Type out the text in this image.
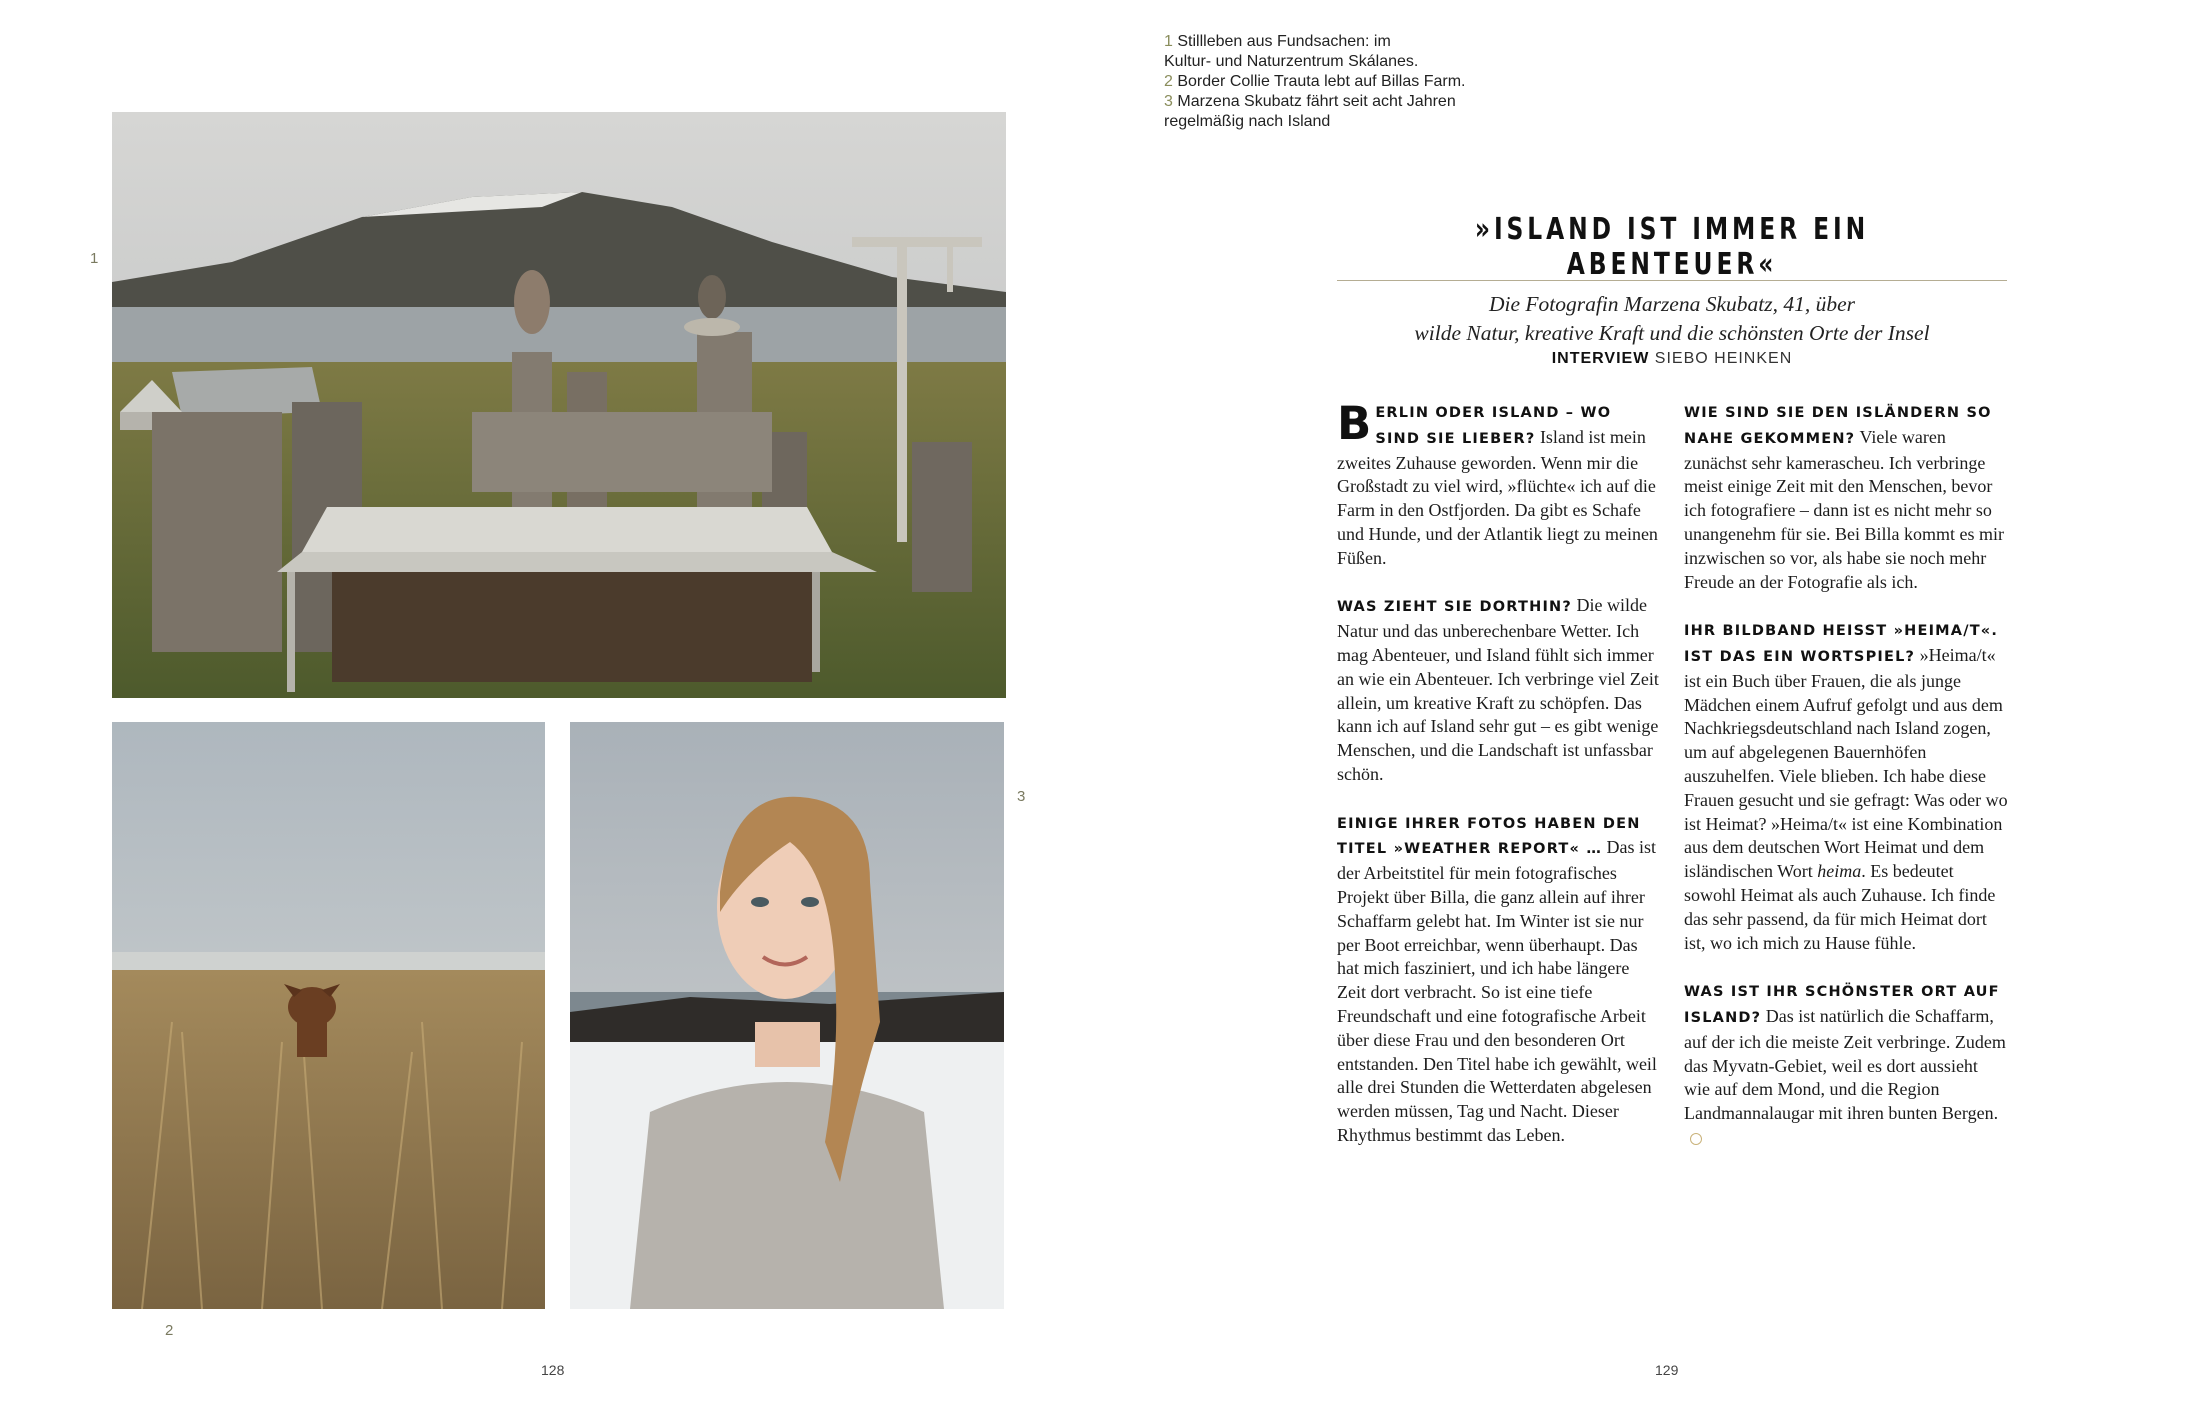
1
2
3
128
1 Stillleben aus Fundsachen: im
Kultur- und Naturzentrum Skálanes.
2 Border Collie Trauta lebt auf Billas Farm.
3 Marzena Skubatz fährt seit acht Jahren
regelmäßig nach Island
»ISLAND IST IMMER EIN ABENTEUER«
Die Fotografin Marzena Skubatz, 41, über
wilde Natur, kreative Kraft und die schönsten Orte der Insel
INTERVIEW SIEBO HEINKEN

BERLIN ODER ISLAND – WO SIND SIE LIEBER? Island ist mein zweites Zuhause geworden. Wenn mir die Großstadt zu viel wird, »flüchte« ich auf die Farm in den Ostfjorden. Da gibt es Schafe und Hunde, und der Atlantik liegt zu meinen Füßen.

WAS ZIEHT SIE DORTHIN? Die wilde Natur und das unberechenbare Wetter. Ich mag Abenteuer, und Island fühlt sich immer an wie ein Abenteuer. Ich verbringe viel Zeit allein, um kreative Kraft zu schöpfen. Das kann ich auf Island sehr gut – es gibt wenige Menschen, und die Landschaft ist unfassbar schön.

EINIGE IHRER FOTOS HABEN DEN TITEL »WEATHER REPORT« … Das ist der Arbeitstitel für mein fotografisches Projekt über Billa, die ganz allein auf ihrer Schaffarm gelebt hat. Im Winter ist sie nur per Boot erreichbar, wenn überhaupt. Das hat mich fasziniert, und ich habe längere Zeit dort verbracht. So ist eine tiefe Freundschaft und eine fotografische Arbeit über diese Frau und den besonderen Ort entstanden. Den Titel habe ich gewählt, weil alle drei Stunden die Wetterdaten abgelesen werden müssen, Tag und Nacht. Dieser Rhythmus bestimmt das Leben.

WIE SIND SIE DEN ISLÄNDERN SO NAHE GEKOMMEN? Viele waren zunächst sehr kamerascheu. Ich verbringe meist einige Zeit mit den Menschen, bevor ich fotografiere – dann ist es nicht mehr so unangenehm für sie. Bei Billa kommt es mir inzwischen so vor, als habe sie noch mehr Freude an der Fotografie als ich.

IHR BILDBAND HEISST »HEIMA/T«. IST DAS EIN WORTSPIEL? »Heima/t« ist ein Buch über Frauen, die als junge Mädchen einem Aufruf gefolgt und aus dem Nachkriegsdeutschland nach Island zogen, um auf abgelegenen Bauernhöfen auszuhelfen. Viele blieben. Ich habe diese Frauen gesucht und sie gefragt: Was oder wo ist Heimat? »Heima/t« ist eine Kombination aus dem deutschen Wort Heimat und dem isländischen Wort heima. Es bedeutet sowohl Heimat als auch Zuhause. Ich finde das sehr passend, da für mich Heimat dort ist, wo ich mich zu Hause fühle.

WAS IST IHR SCHÖNSTER ORT AUF ISLAND? Das ist natürlich die Schaffarm, auf der ich die meiste Zeit verbringe. Zudem das Myvatn-Gebiet, weil es dort aussieht wie auf dem Mond, und die Region Landmannalaugar mit ihren bunten Bergen.

129
